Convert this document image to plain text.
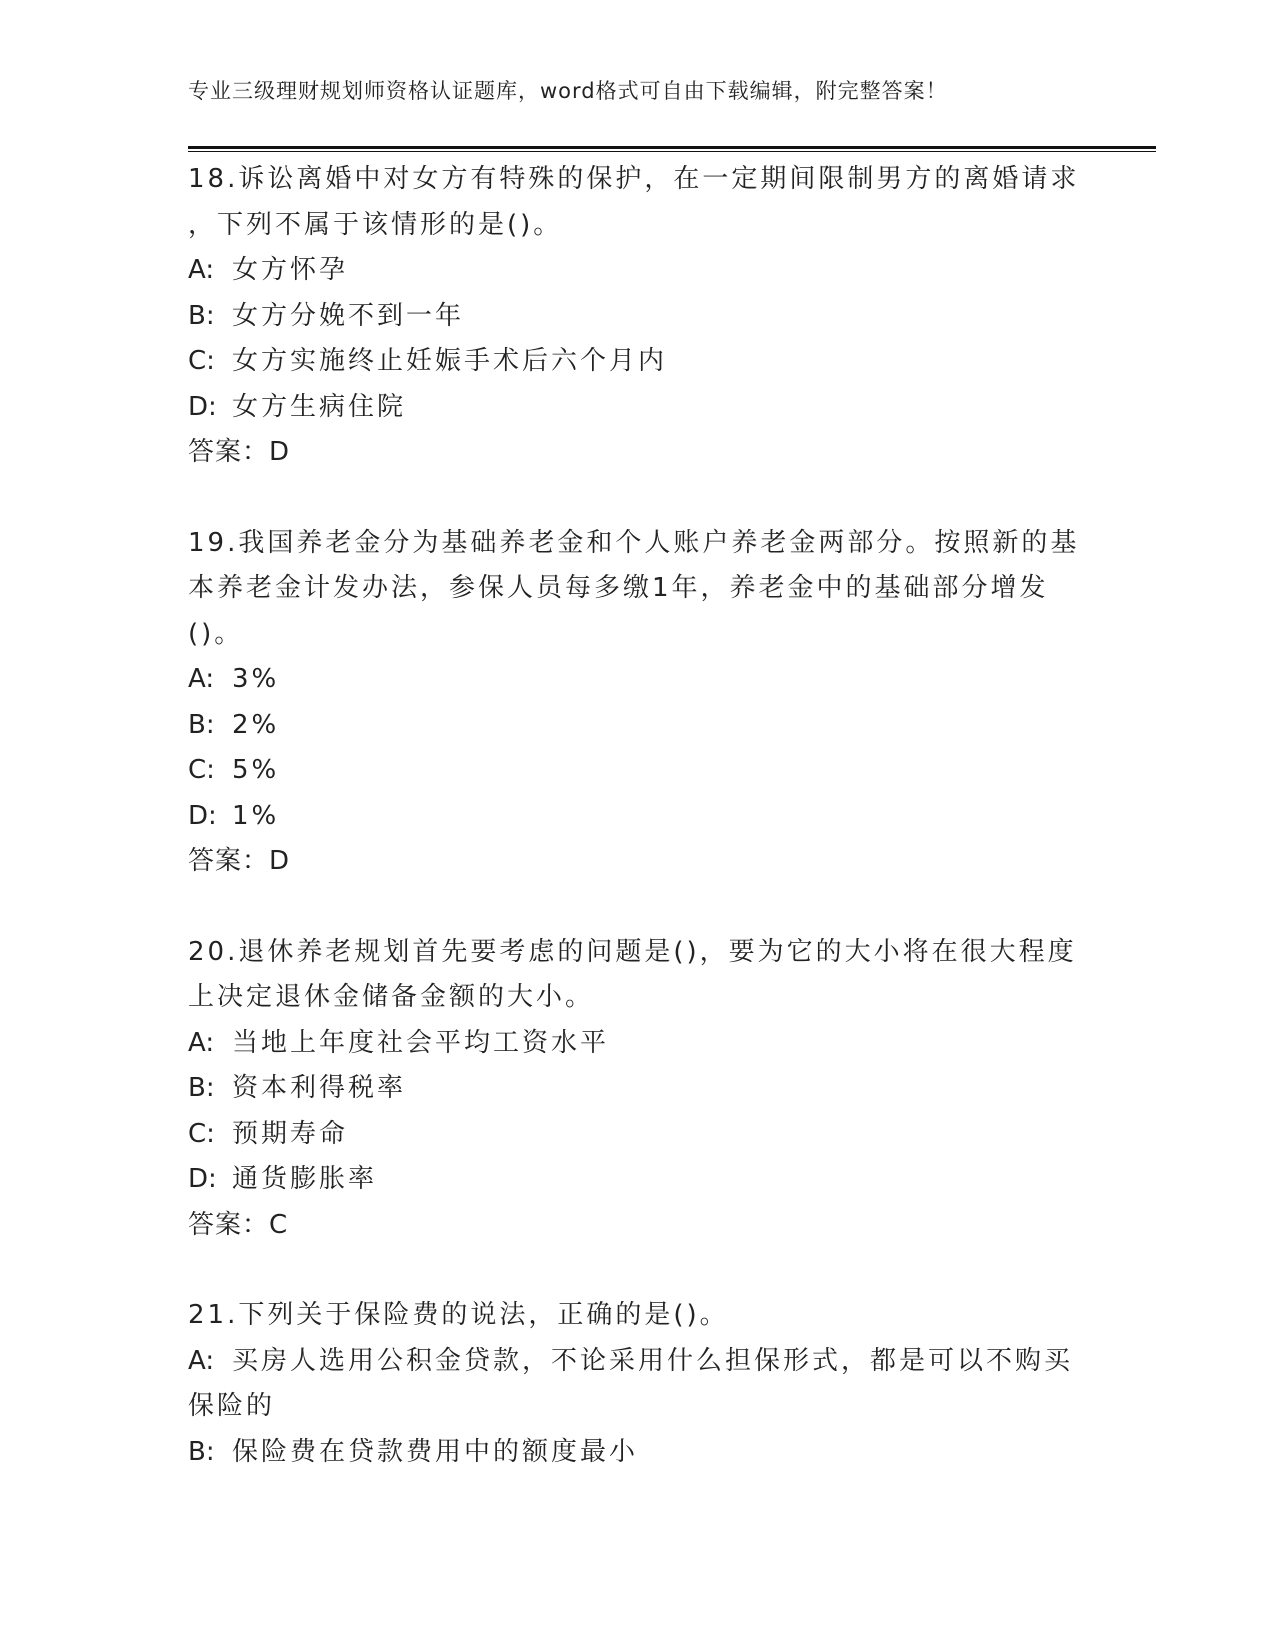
专业三级理财规划师资格认证题库，word格式可自由下载编辑，附完整答案！
18.诉讼离婚中对女方有特殊的保护，在一定期间限制男方的离婚请求
，下列不属于该情形的是()。
A: 女方怀孕
B: 女方分娩不到一年
C: 女方实施终止妊娠手术后六个月内
D: 女方生病住院
答案：D
19.我国养老金分为基础养老金和个人账户养老金两部分。按照新的基
本养老金计发办法，参保人员每多缴1年，养老金中的基础部分增发
()。
A: 3%
B: 2%
C: 5%
D: 1%
答案：D
20.退休养老规划首先要考虑的问题是()，要为它的大小将在很大程度
上决定退休金储备金额的大小。
A: 当地上年度社会平均工资水平
B: 资本利得税率
C: 预期寿命
D: 通货膨胀率
答案：C
21.下列关于保险费的说法，正确的是()。
A: 买房人选用公积金贷款，不论采用什么担保形式，都是可以不购买
保险的
B: 保险费在贷款费用中的额度最小
